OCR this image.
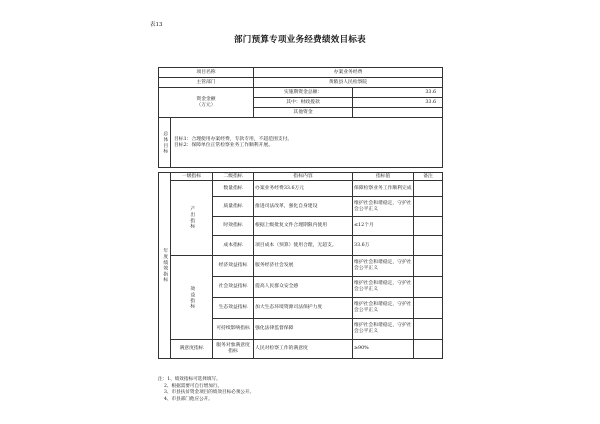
表13
部门预算专项业务经费绩效目标表
项目名称			办案业务经费		
主管部门			黄陂县人民检察院		
资金金额
（万元）			实施期资金总额：	33.6	
			其中：财政拨款	33.6	
			其他资金		
总体目标	目标1：合理使用办案经费，专款专用，不超范围支付。
目标2：保障单位正常检察业务工作顺利开展。				

年度绩效指标	一级指标	二级指标	指标内容	指标值	备注
	产出指标	数量指标	办案业务经费33.6万元	保障检察业务工作顺利完成	
		质量指标	推进司法改革，强化自身建设	维护社会和谐稳定，守护社会公平正义	
		时效指标	根据上级批复文件合理期限内使用	≤12个月	
		成本指标	项目成本（预算）使用合理，无超支。	33.6万	
	效益指标	经济效益指标	服务经济社会发展	维护社会和谐稳定，守护社会公平正义	
		社会效益指标	提高人民群众安全感	维护社会和谐稳定，守护社会公平正义	
		生态效益指标	加大生态环境资源司法保护力度	维护社会和谐稳定，守护社会公平正义	
		可持续影响指标	强化法律监督保障	维护社会和谐稳定，守护社会公平正义	
	满意度指标	服务对象满意度指标	人民对检察工作的满意度	≥90%	
注：1、绩效指标可选择填写。
2、根据需要可自行增加行。
3、市县扶贫资金项目的绩效目标必须公开。
4、市县部门他应公开。
